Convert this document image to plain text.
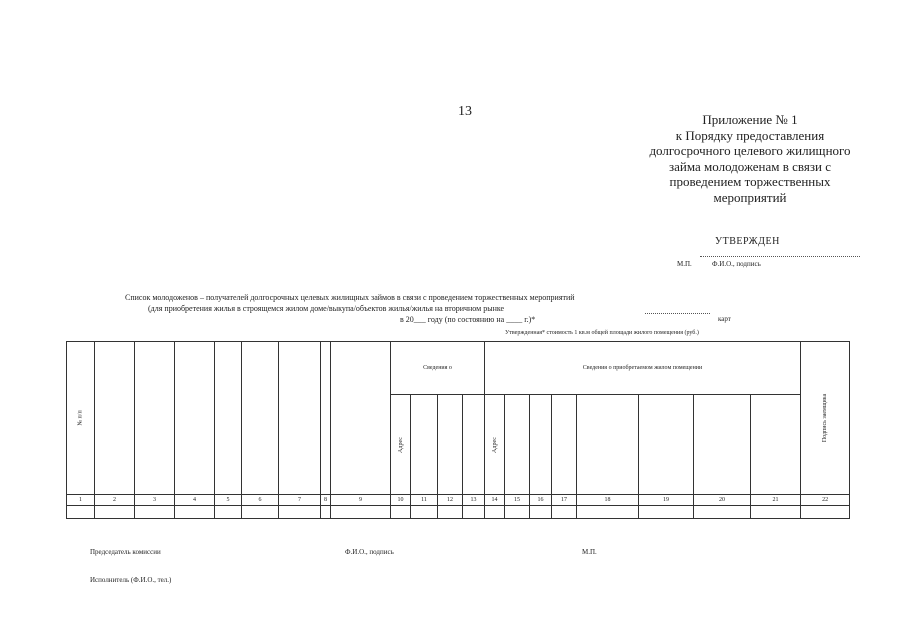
13
Приложение № 1
к Порядку предоставления
долгосрочного целевого жилищного
займа молодоженам в связи с
проведением торжественных
мероприятий
УТВЕРЖДЕН
М.П.	Ф.И.О., подпись
Список молодоженов – получателей долгосрочных целевых жилищных займов в связи с проведением торжественных мероприятий
(для приобретения жилья в строящемся жилом доме/выкупа/объектов жилья/жилья на вторичном рынке
в 20___ году (по состоянию на ____ г.)*	карт
Утвержденная* стоимость 1 кв.м общей площади жилого помещения (руб.)
№ п/п									Сведения о				Сведения о приобретаемом жилом помещении								Подпись заемщика
									Адрес				Адрес								
1	2	3	4	5	6	7	8	9	10	11	12	13	14	15	16	17	18	19	20	21	22

Председатель комиссии	Ф.И.О., подпись	М.П.
Исполнитель (Ф.И.О., тел.)
